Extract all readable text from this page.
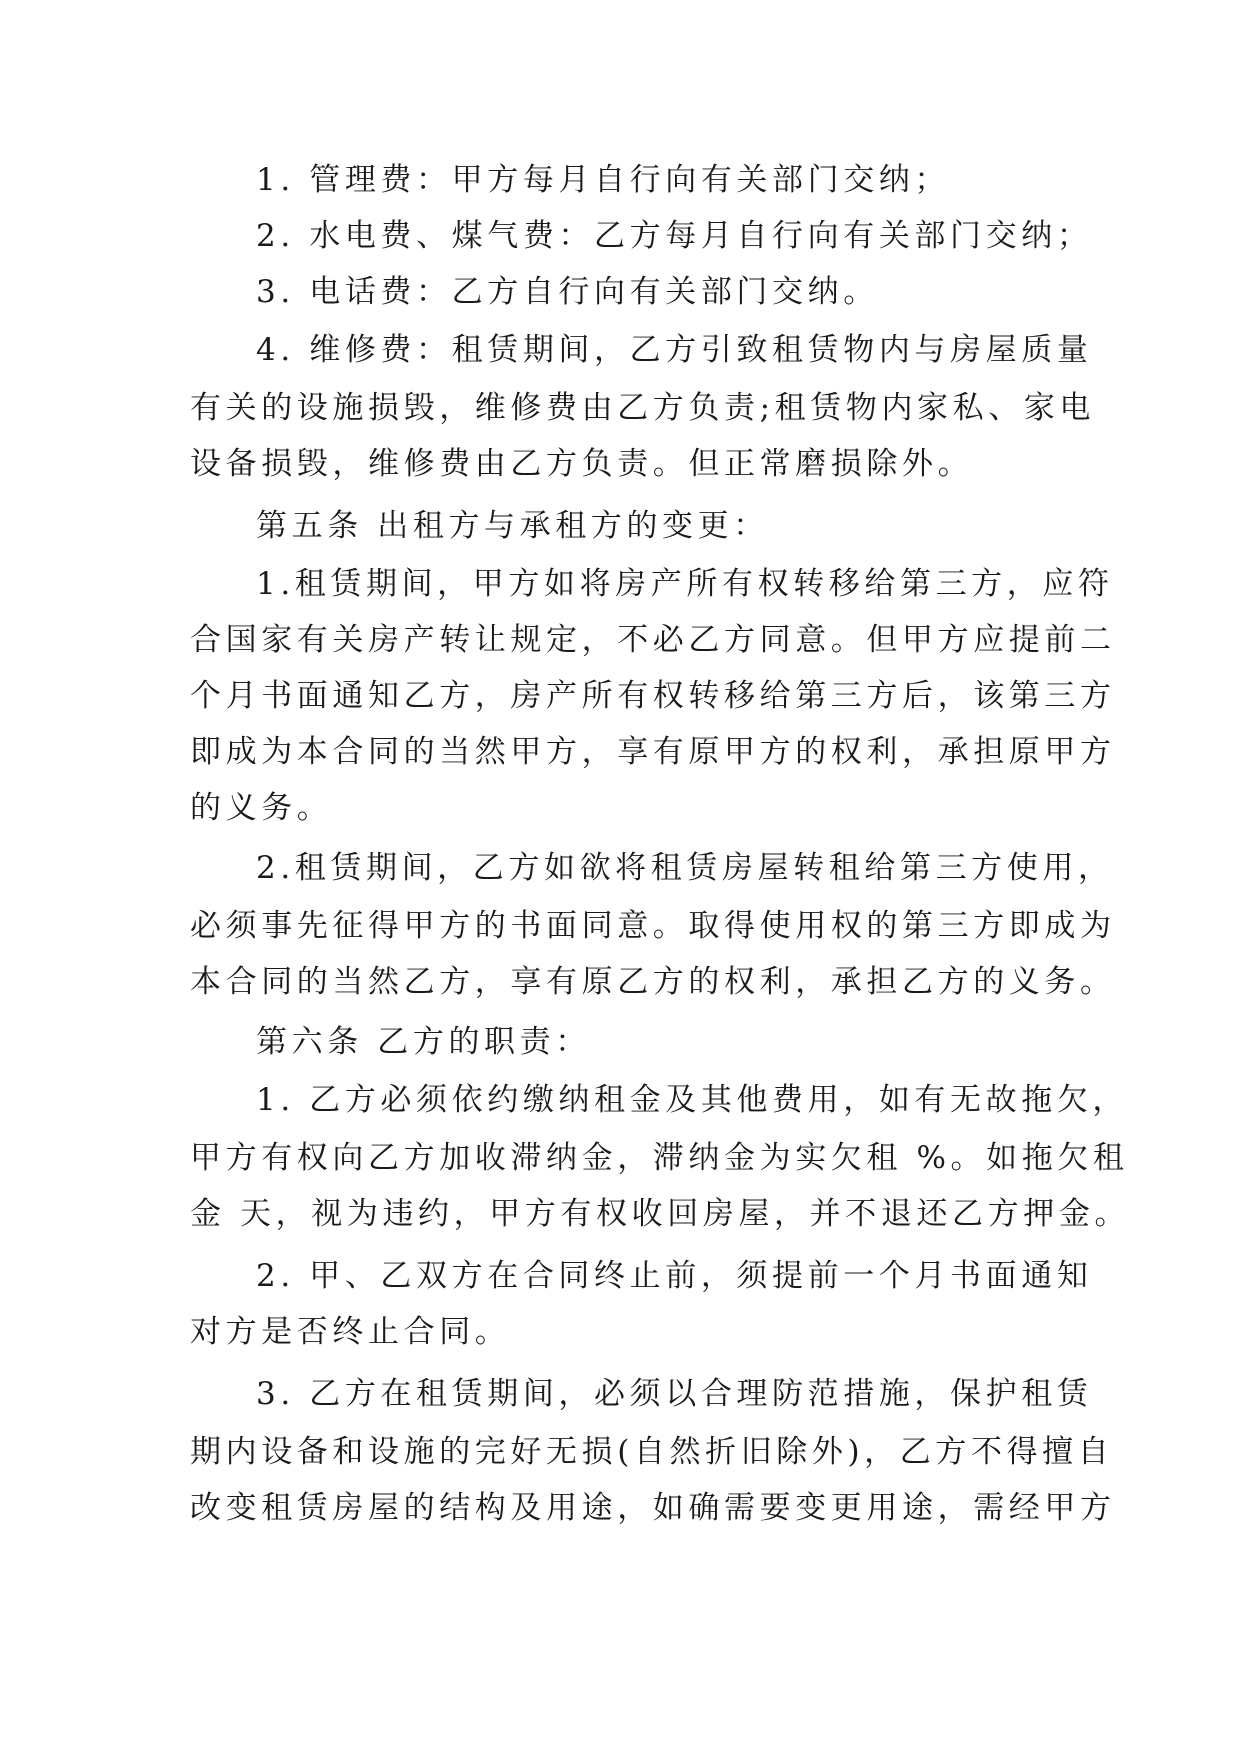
1. 管理费：甲方每月自行向有关部门交纳；
2. 水电费、煤气费：乙方每月自行向有关部门交纳；
3. 电话费：乙方自行向有关部门交纳。
4. 维修费：租赁期间，乙方引致租赁物内与房屋质量
有关的设施损毁，维修费由乙方负责;租赁物内家私、家电
设备损毁，维修费由乙方负责。但正常磨损除外。
第五条 出租方与承租方的变更：
1.租赁期间，甲方如将房产所有权转移给第三方，应符
合国家有关房产转让规定，不必乙方同意。但甲方应提前二
个月书面通知乙方，房产所有权转移给第三方后，该第三方
即成为本合同的当然甲方，享有原甲方的权利，承担原甲方
的义务。
2.租赁期间，乙方如欲将租赁房屋转租给第三方使用，
必须事先征得甲方的书面同意。取得使用权的第三方即成为
本合同的当然乙方，享有原乙方的权利，承担乙方的义务。
第六条 乙方的职责：
1. 乙方必须依约缴纳租金及其他费用，如有无故拖欠，
甲方有权向乙方加收滞纳金，滞纳金为实欠租 %。如拖欠租
金 天，视为违约，甲方有权收回房屋，并不退还乙方押金。
2. 甲、乙双方在合同终止前，须提前一个月书面通知
对方是否终止合同。
3. 乙方在租赁期间，必须以合理防范措施，保护租赁
期内设备和设施的完好无损(自然折旧除外)，乙方不得擅自
改变租赁房屋的结构及用途，如确需要变更用途，需经甲方
